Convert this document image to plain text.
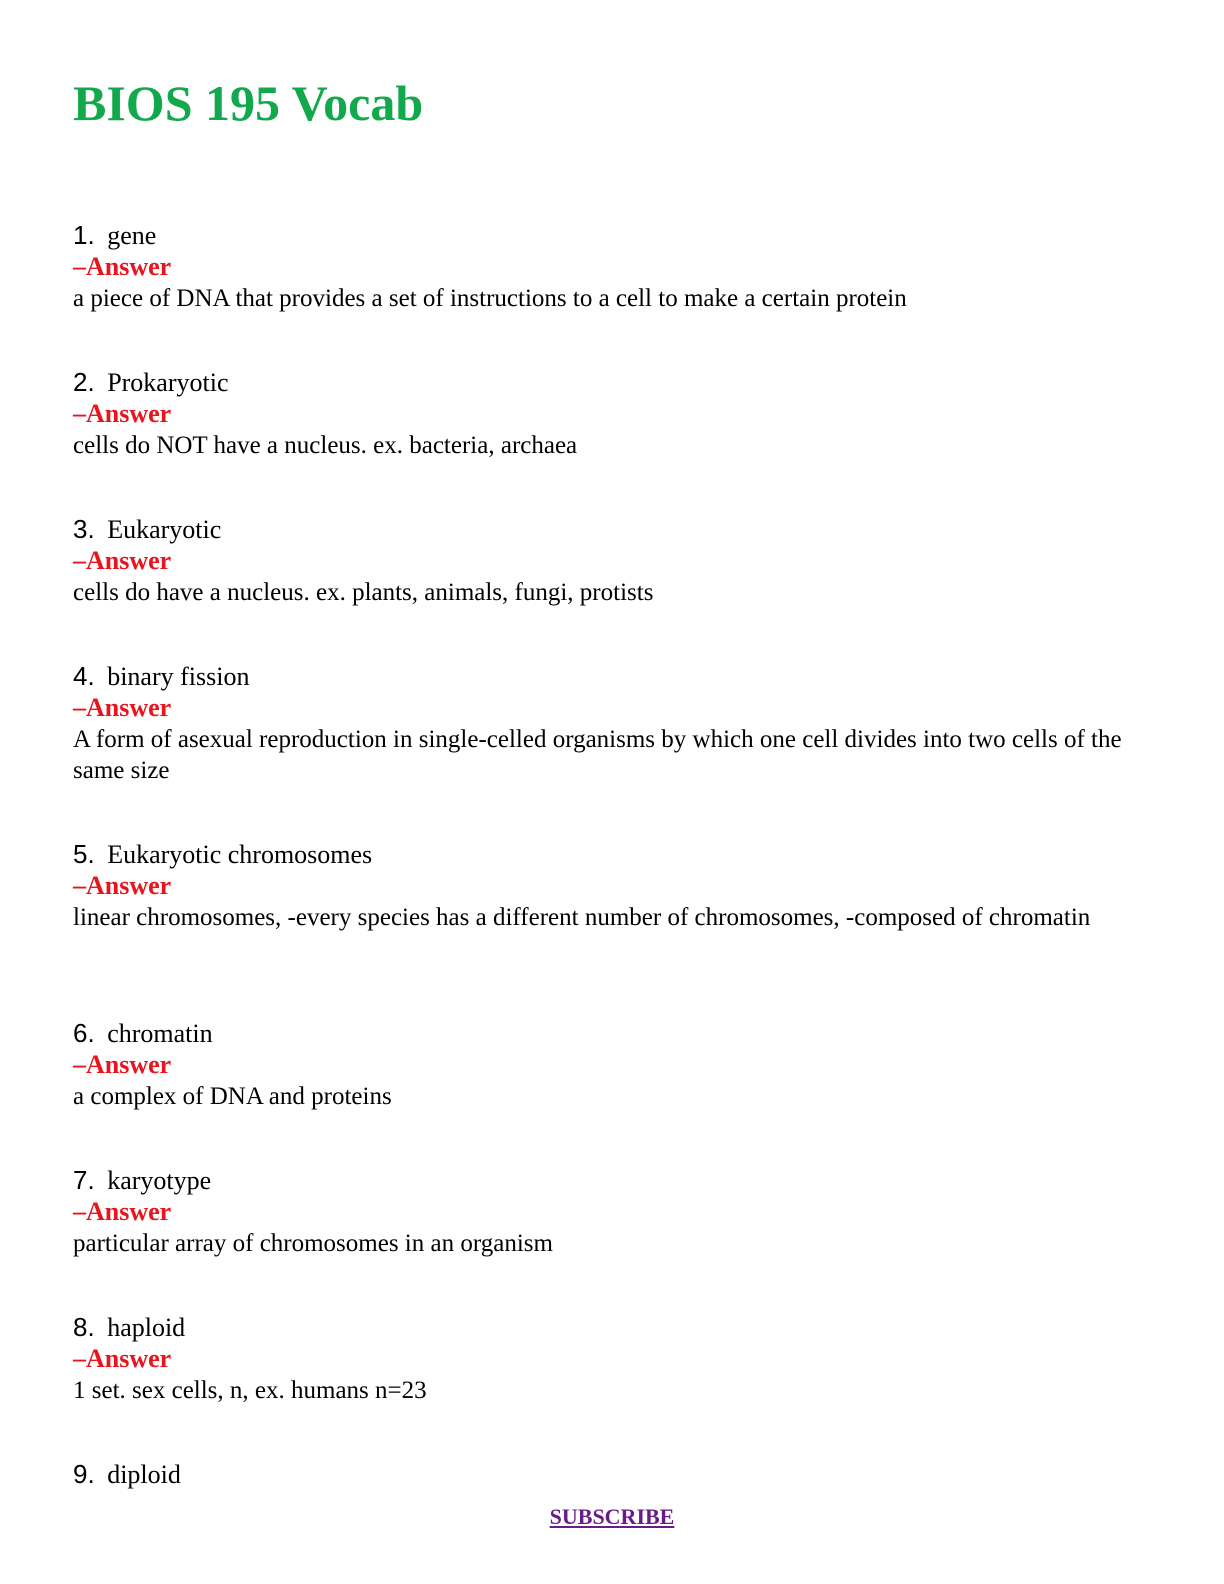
BIOS 195 Vocab
1. gene
–Answer

a piece of DNA that provides a set of instructions to a cell to make a certain protein

2. Prokaryotic
–Answer

cells do NOT have a nucleus. ex. bacteria, archaea

3. Eukaryotic
–Answer

cells do have a nucleus. ex. plants, animals, fungi, protists

4. binary fission
–Answer

A form of asexual reproduction in single-celled organisms by which one cell divides into two cells of the same size

5. Eukaryotic chromosomes
–Answer

linear chromosomes, -every species has a different number of chromosomes, -composed of chromatin

6. chromatin
–Answer

a complex of DNA and proteins

7. karyotype
–Answer

particular array of chromosomes in an organism

8. haploid
–Answer

1 set. sex cells, n, ex. humans n=23

9. diploid
SUBSCRIBE
